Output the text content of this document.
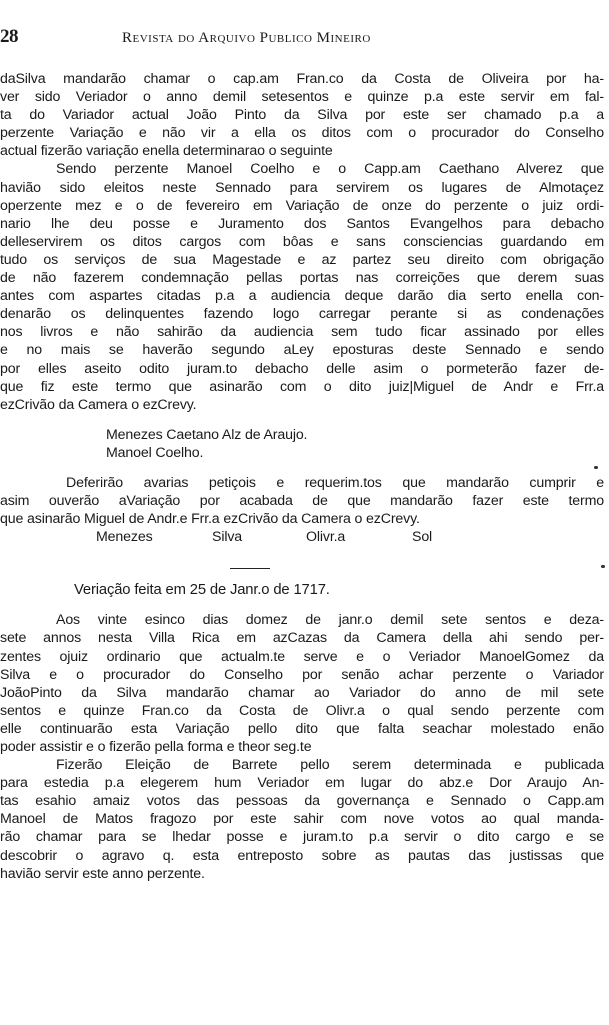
28	Revista do Arquivo Publico Mineiro
daSilva mandarão chamar o cap.am Fran.co da Costa de Oliveira por ha-
ver sido Veriador o anno demil setesentos e quinze p.a este servir em fal-
ta do Variador actual João Pinto da Silva por este ser chamado p.a a
perzente Variação e não vir a ella os ditos com o procurador do Conselho
actual fizerão variação enella determinarao o seguinte
Sendo perzente Manoel Coelho e o Capp.am Caethano Alverez que
havião sido eleitos neste Sennado para servirem os lugares de Almotaçez
operzente mez e o de fevereiro em Variação de onze do perzente o juiz ordi-
nario lhe deu posse e Juramento dos Santos Evangelhos para debacho
delleservirem os ditos cargos com bôas e sans consciencias guardando em
tudo os serviços de sua Magestade e az partez seu direito com obrigação
de não fazerem condemnação pellas portas nas correições que derem suas
antes com aspartes citadas p.a a audiencia deque darão dia serto enella con-
denarão os delinquentes fazendo logo carregar perante si as condenações
nos livros e não sahirão da audiencia sem tudo ficar assinado por elles
e no mais se haverão segundo aLey eposturas deste Sennado e sendo
por elles aseito odito juram.to debacho delle asim o pormeterão fazer de-
que fiz este termo que asinarão com o dito juiz|Miguel de Andr e Frr.a
ezCrivão da Camera o ezCrevy.
Menezes Caetano Alz de Araujo.
Manoel Coelho.
Deferirão avarias petiçois e requerim.tos que mandarão cumprir e
asim ouverão aVariação por acabada de que mandarão fazer este termo
que asinarão Miguel de Andr.e Frr.a ezCrivão da Camera o ezCrevy.
Menezes	Silva	Olivr.a	Sol
Veriação feita em 25 de Janr.o de 1717.
Aos vinte esinco dias domez de janr.o demil sete sentos e deza-
sete annos nesta Villa Rica em azCazas da Camera della ahi sendo per-
zentes ojuiz ordinario que actualm.te serve e o Veriador ManoelGomez da
Silva e o procurador do Conselho por senão achar perzente o Variador
JoãoPinto da Silva mandarão chamar ao Variador do anno de mil sete
sentos e quinze Fran.co da Costa de Olivr.a o qual sendo perzente com
elle continuarão esta Variação pello dito que falta seachar molestado enão
poder assistir e o fizerão pella forma e theor seg.te
Fizerão Eleição de Barrete pello serem determinada e publicada
para estedia p.a elegerem hum Veriador em lugar do abz.e Dor Araujo An-
tas esahio amaiz votos das pessoas da governança e Sennado o Capp.am
Manoel de Matos fragozo por este sahir com nove votos ao qual manda-
rão chamar para se lhedar posse e juram.to p.a servir o dito cargo e se
descobrir o agravo q. esta entreposto sobre as pautas das justissas que
havião servir este anno perzente.
